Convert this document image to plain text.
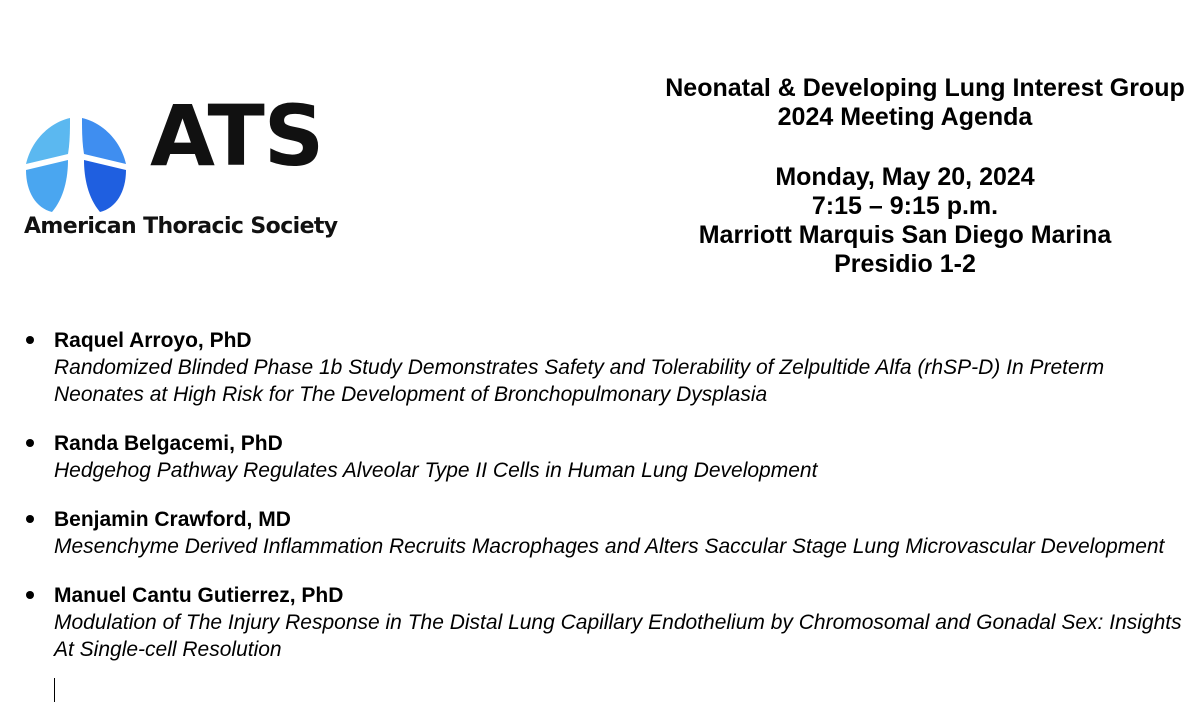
ATS
American Thoracic Society
Neonatal & Developing Lung Interest Group
2024 Meeting Agenda
Monday, May 20, 2024
7:15 – 9:15 p.m.
Marriott Marquis San Diego Marina
Presidio 1-2
Raquel Arroyo, PhD
Randomized Blinded Phase 1b Study Demonstrates Safety and Tolerability of Zelpultide Alfa (rhSP-D) In Preterm Neonates at High Risk for The Development of Bronchopulmonary Dysplasia
Randa Belgacemi, PhD
Hedgehog Pathway Regulates Alveolar Type II Cells in Human Lung Development
Benjamin Crawford, MD
Mesenchyme Derived Inflammation Recruits Macrophages and Alters Saccular Stage Lung Microvascular Development
Manuel Cantu Gutierrez, PhD
Modulation of The Injury Response in The Distal Lung Capillary Endothelium by Chromosomal and Gonadal Sex: Insights At Single-cell Resolution
